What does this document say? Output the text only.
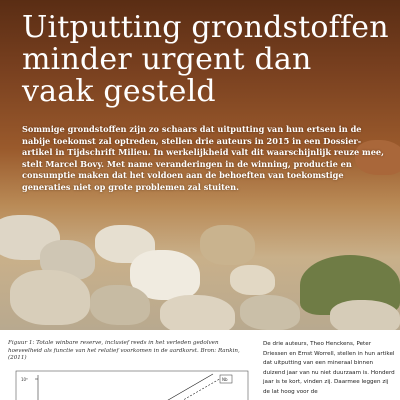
Uitputting grondstoffen minder urgent dan vaak gesteld

Sommige grondstoffen zijn zo schaars dat uitputting van hun ertsen in de nabije toekomst zal optreden, stellen drie auteurs in 2015 in een Dossier-artikel in Tijdschrift Milieu. In werkelijkheid valt dit waarschijnlijk reuze mee, stelt Marcel Bovy. Met name veranderingen in de winning, productie en consumptie maken dat het voldoen aan de behoeften van toekomstige generaties niet op grote problemen zal stuiten.

Figuur 1: Totale winbare reserve, inclusief reeds in het verleden gedolven hoeveelheid als functie van het relatief voorkomen in de aardkorst. Bron: Rankin, (2011)

10⁶	Nb

De drie auteurs, Theo Henckens, Peter Driessen en Ernst Worrell, stellen in hun artikel dat uitputting van een mineraal binnen duizend jaar van nu niet duurzaam is. Honderd jaar is te kort, vinden zij. Daarmee leggen zij de lat hoog voor de
